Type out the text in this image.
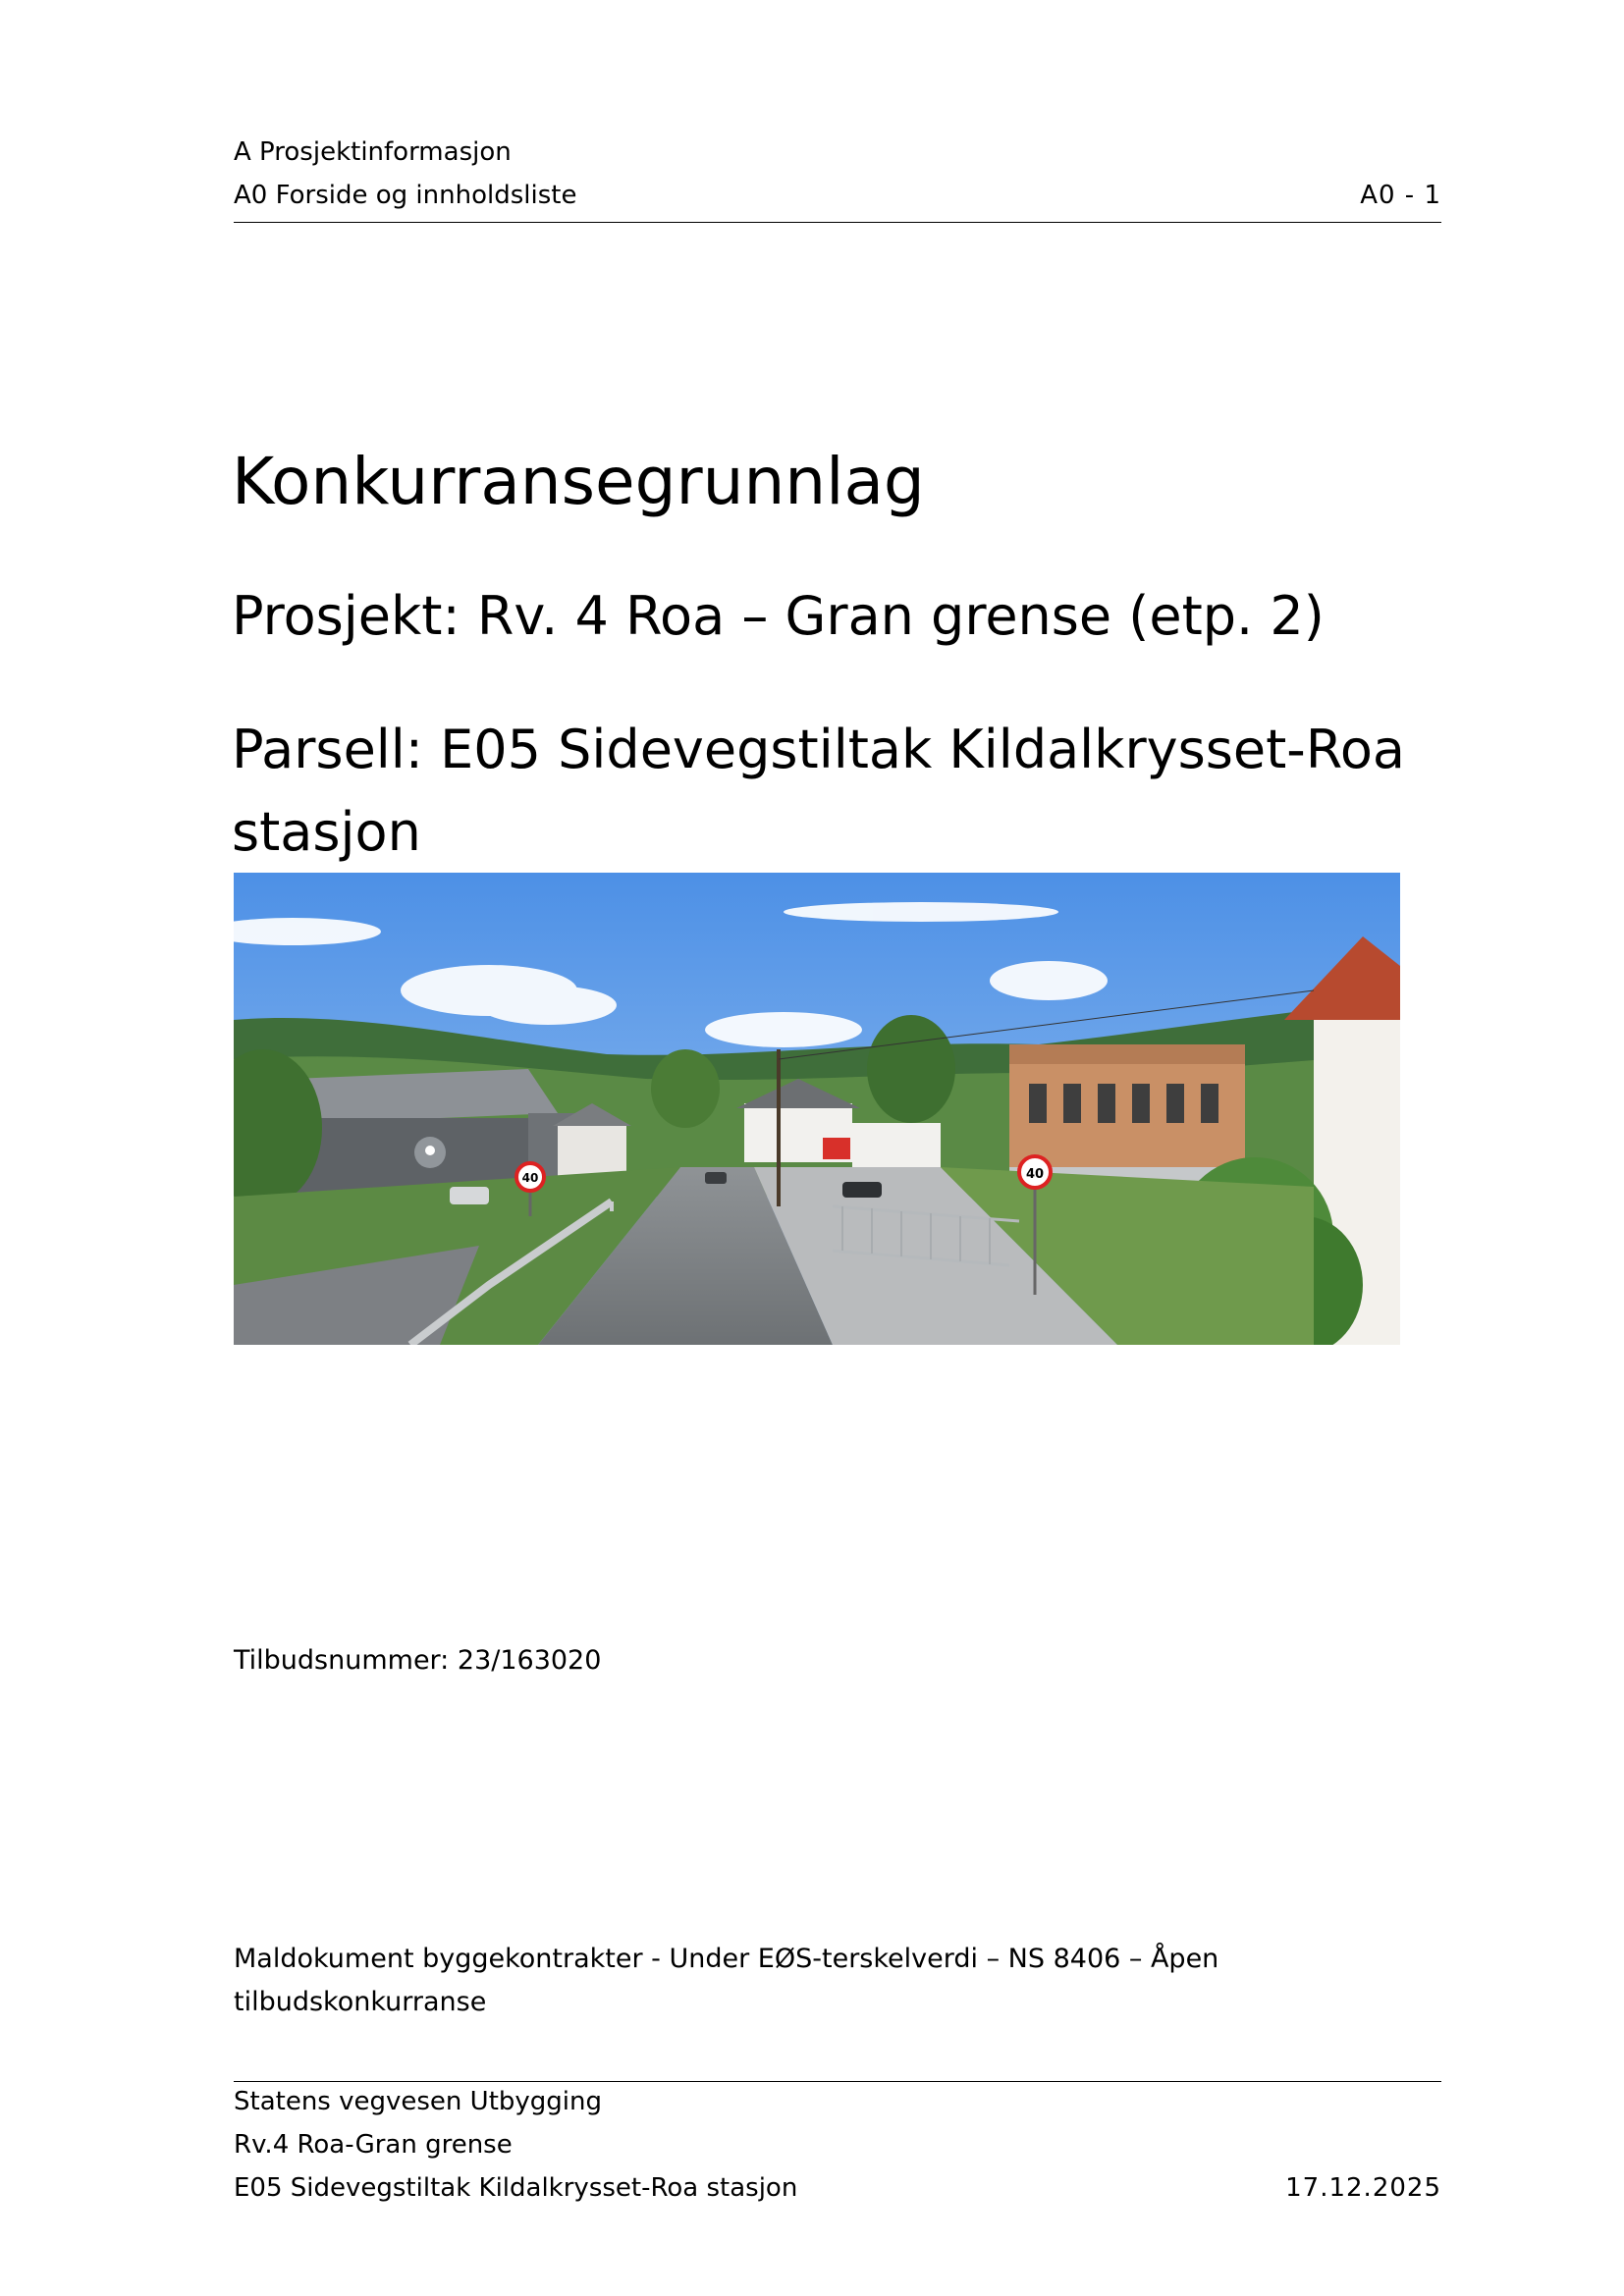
A Prosjektinformasjon
A0 Forside og innholdsliste	A0 - 1
Konkurransegrunnlag
Prosjekt: Rv. 4 Roa – Gran grense (etp. 2)
Parsell: E05 Sidevegstiltak Kildalkrysset-Roa stasjon
40	40
Tilbudsnummer: 23/163020
Maldokument byggekontrakter - Under EØS-terskelverdi – NS 8406 – Åpen tilbudskonkurranse
Statens vegvesen Utbygging
Rv.4 Roa-Gran grense
E05 Sidevegstiltak Kildalkrysset-Roa stasjon	17.12.2025
